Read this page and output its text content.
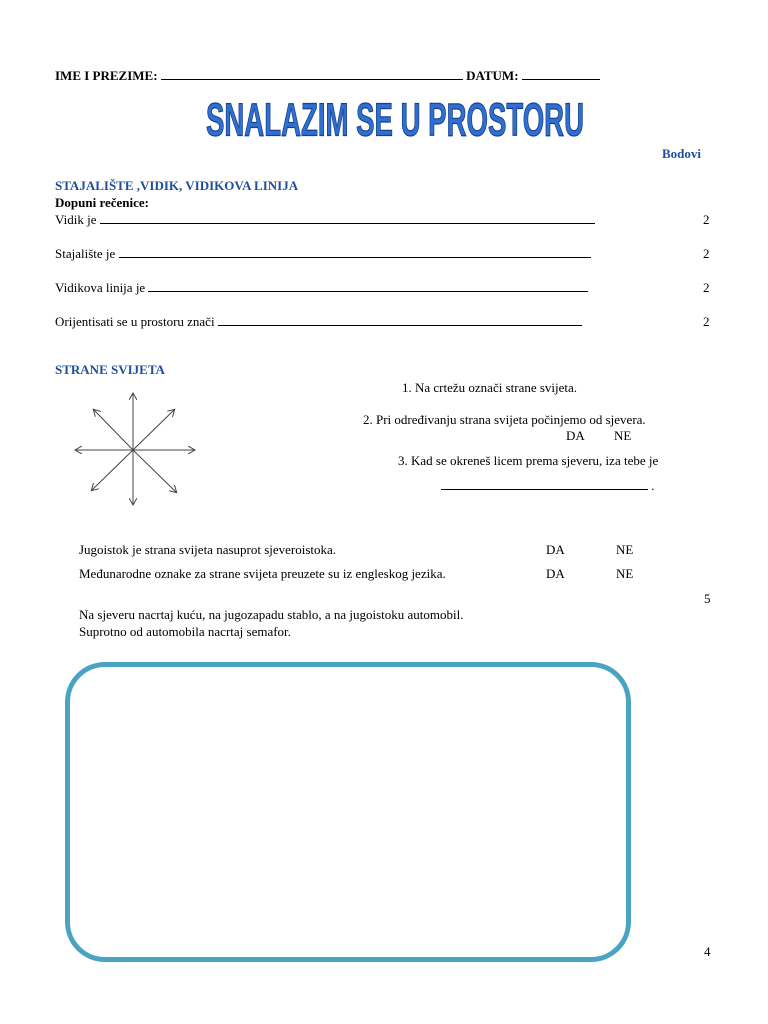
IME I PREZIME:	DATUM:
SNALAZIM SE U PROSTORU
Bodovi
STAJALIŠTE ,VIDIK, VIDIKOVA LINIJA
Dopuni rečenice:
Vidik je	2
Stajalište je	2
Vidikova linija je	2
Orijentisati se u prostoru znači	2
STRANE SVIJETA
1. Na crtežu označi strane svijeta.
2. Pri određivanju strana svijeta počinjemo od sjevera.
DA NE
3. Kad se okreneš licem prema sjeveru, iza tebe je
.
Jugoistok je strana svijeta nasuprot sjeveroistoka.	DA	NE
Međunarodne oznake za strane svijeta preuzete su iz engleskog jezika.	DA	NE
5
Na sjeveru nacrtaj kuću, na jugozapadu stablo, a na jugoistoku automobil.
Suprotno od automobila nacrtaj semafor.
4
